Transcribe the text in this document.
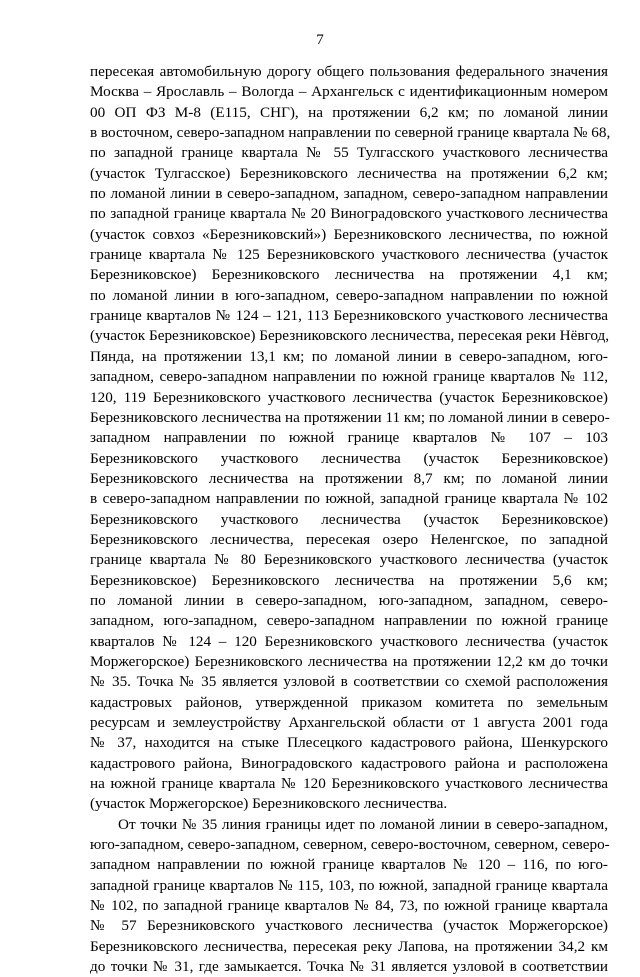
7
пересекая автомобильную дорогу общего пользования федерального значения
Москва – Ярославль – Вологда – Архангельск с идентификационным номером
00 ОП ФЗ М-8 (Е115, СНГ), на протяжении 6,2 км; по ломаной линии
в восточном, северо-западном направлении по северной границе квартала № 68,
по западной границе квартала № 55 Тулгасского участкового лесничества
(участок Тулгасское) Березниковского лесничества на протяжении 6,2 км;
по ломаной линии в северо-западном, западном, северо-западном направлении
по западной границе квартала № 20 Виноградовского участкового лесничества
(участок совхоз «Березниковский») Березниковского лесничества, по южной
границе квартала № 125 Березниковского участкового лесничества (участок
Березниковское) Березниковского лесничества на протяжении 4,1 км;
по ломаной линии в юго-западном, северо-западном направлении по южной
границе кварталов № 124 – 121, 113 Березниковского участкового лесничества
(участок Березниковское) Березниковского лесничества, пересекая реки Нёвгод,
Пянда, на протяжении 13,1 км; по ломаной линии в северо-западном, юго-
западном, северо-западном направлении по южной границе кварталов № 112,
120, 119 Березниковского участкового лесничества (участок Березниковское)
Березниковского лесничества на протяжении 11 км; по ломаной линии в северо-
западном направлении по южной границе кварталов № 107 – 103
Березниковского участкового лесничества (участок Березниковское)
Березниковского лесничества на протяжении 8,7 км; по ломаной линии
в северо-западном направлении по южной, западной границе квартала № 102
Березниковского участкового лесничества (участок Березниковское)
Березниковского лесничества, пересекая озеро Неленгское, по западной
границе квартала № 80 Березниковского участкового лесничества (участок
Березниковское) Березниковского лесничества на протяжении 5,6 км;
по ломаной линии в северо-западном, юго-западном, западном, северо-
западном, юго-западном, северо-западном направлении по южной границе
кварталов № 124 – 120 Березниковского участкового лесничества (участок
Моржегорское) Березниковского лесничества на протяжении 12,2 км до точки
№ 35. Точка № 35 является узловой в соответствии со схемой расположения
кадастровых районов, утвержденной приказом комитета по земельным
ресурсам и землеустройству Архангельской области от 1 августа 2001 года
№ 37, находится на стыке Плесецкого кадастрового района, Шенкурского
кадастрового района, Виноградовского кадастрового района и расположена
на южной границе квартала № 120 Березниковского участкового лесничества
(участок Моржегорское) Березниковского лесничества.
От точки № 35 линия границы идет по ломаной линии в северо-западном,
юго-западном, северо-западном, северном, северо-восточном, северном, северо-
западном направлении по южной границе кварталов № 120 – 116, по юго-
западной границе кварталов № 115, 103, по южной, западной границе квартала
№ 102, по западной границе кварталов № 84, 73, по южной границе квартала
№ 57 Березниковского участкового лесничества (участок Моржегорское)
Березниковского лесничества, пересекая реку Лапова, на протяжении 34,2 км
до точки № 31, где замыкается. Точка № 31 является узловой в соответствии
